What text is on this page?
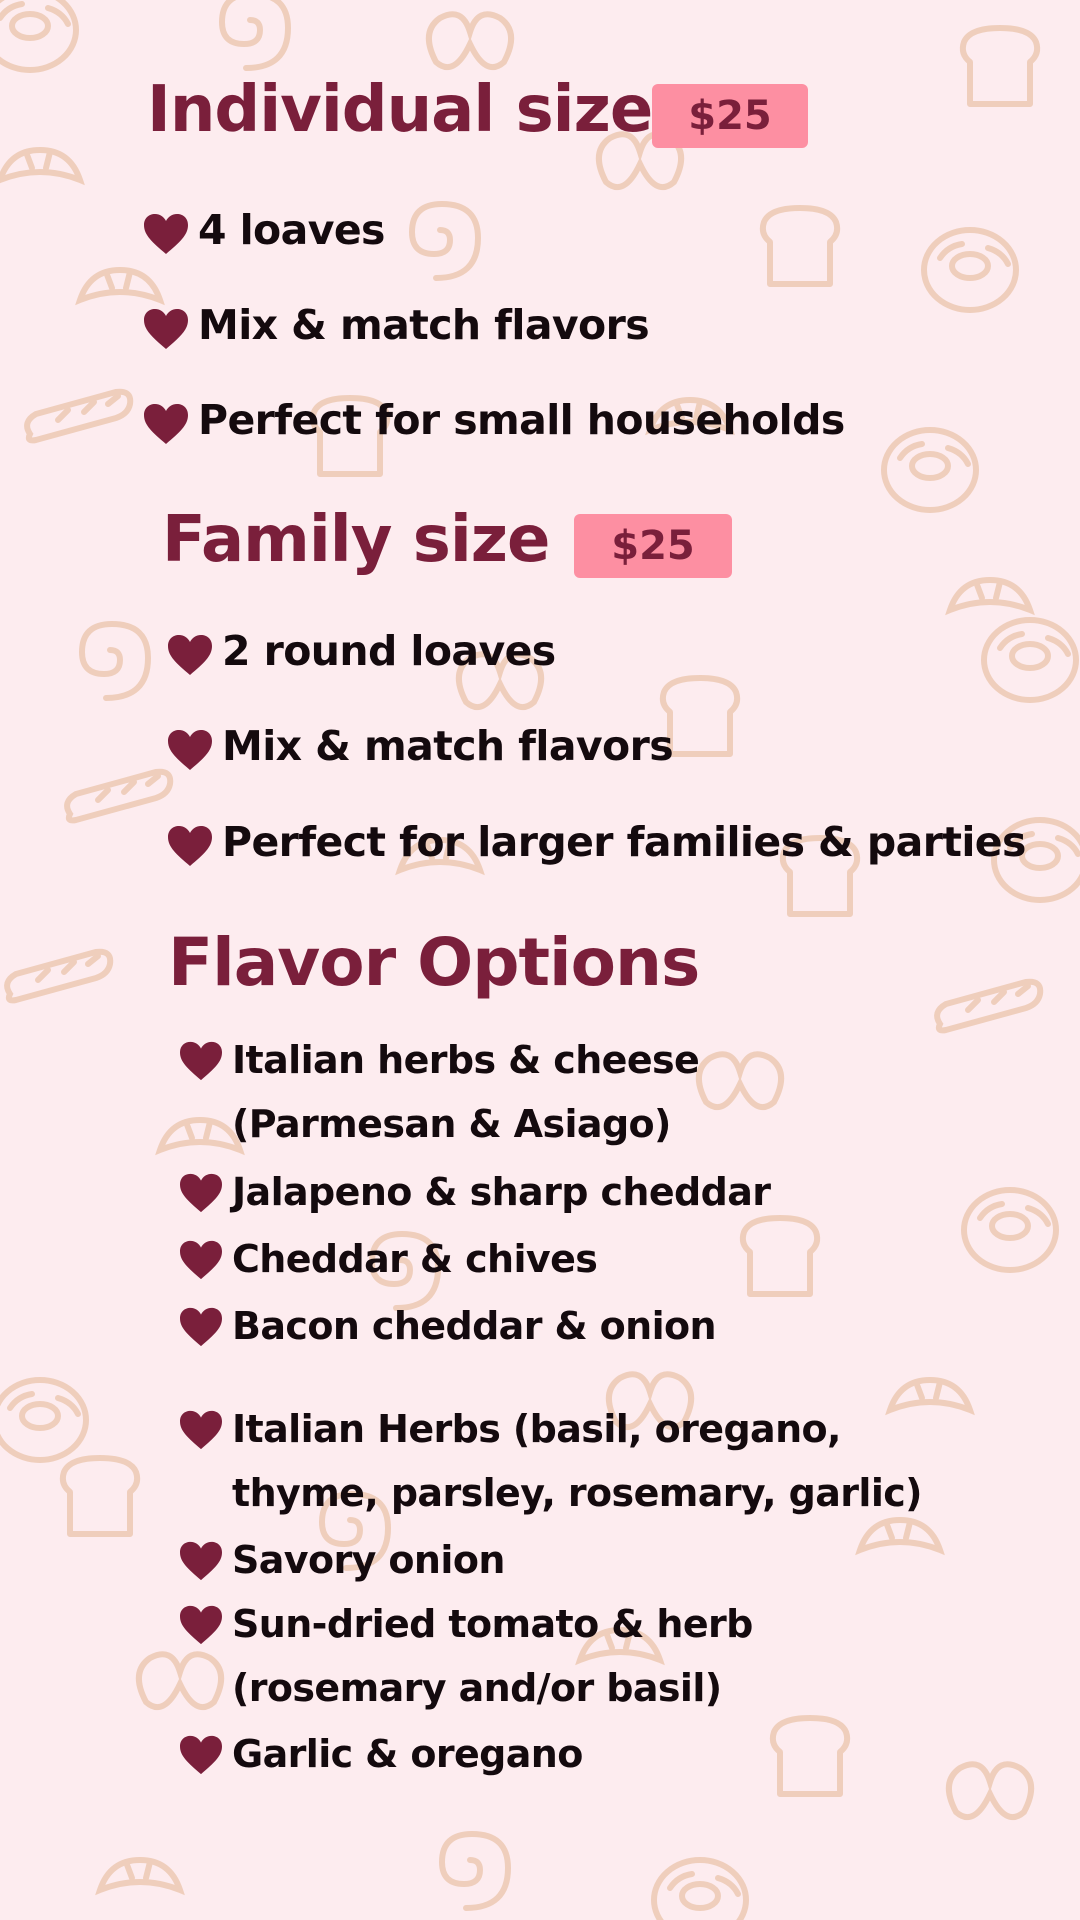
Individual size $25
4 loaves
Mix & match flavors
Perfect for small households
Family size	$25
2 round loaves
Mix & match flavors
Perfect for larger families & parties
Flavor Options
Italian herbs & cheese
(Parmesan & Asiago)
Jalapeno & sharp cheddar
Cheddar & chives
Bacon cheddar & onion
Italian Herbs (basil, oregano,
thyme, parsley, rosemary, garlic)
Savory onion
Sun-dried tomato & herb
(rosemary and/or basil)
Garlic & oregano
